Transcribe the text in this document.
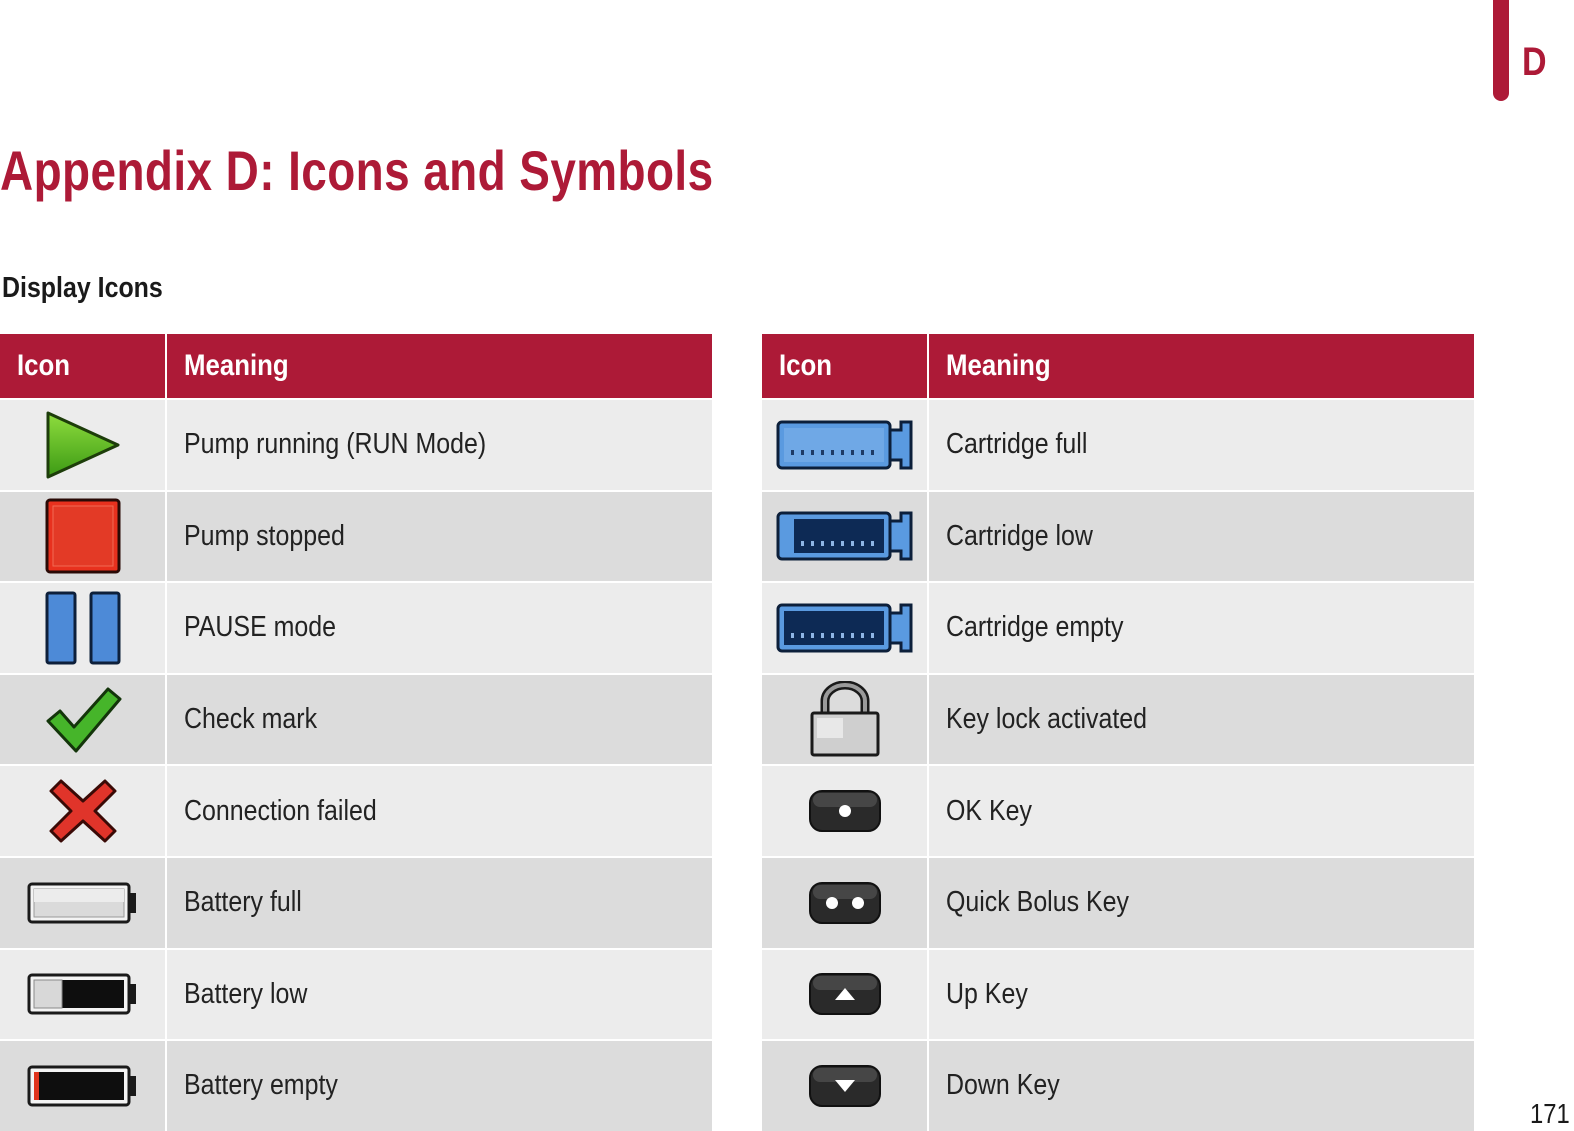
D
Appendix D: Icons and Symbols
Display Icons
Icon	Meaning

	Pump running (RUN Mode)

	Pump stopped

	PAUSE mode

	Check mark

	Connection failed

	Battery full

	Battery low

	Battery empty
Icon	Meaning

	Cartridge full

	Cartridge low

	Cartridge empty

	Key lock activated

	OK Key

	Quick Bolus Key

	Up Key

	Down Key
171
